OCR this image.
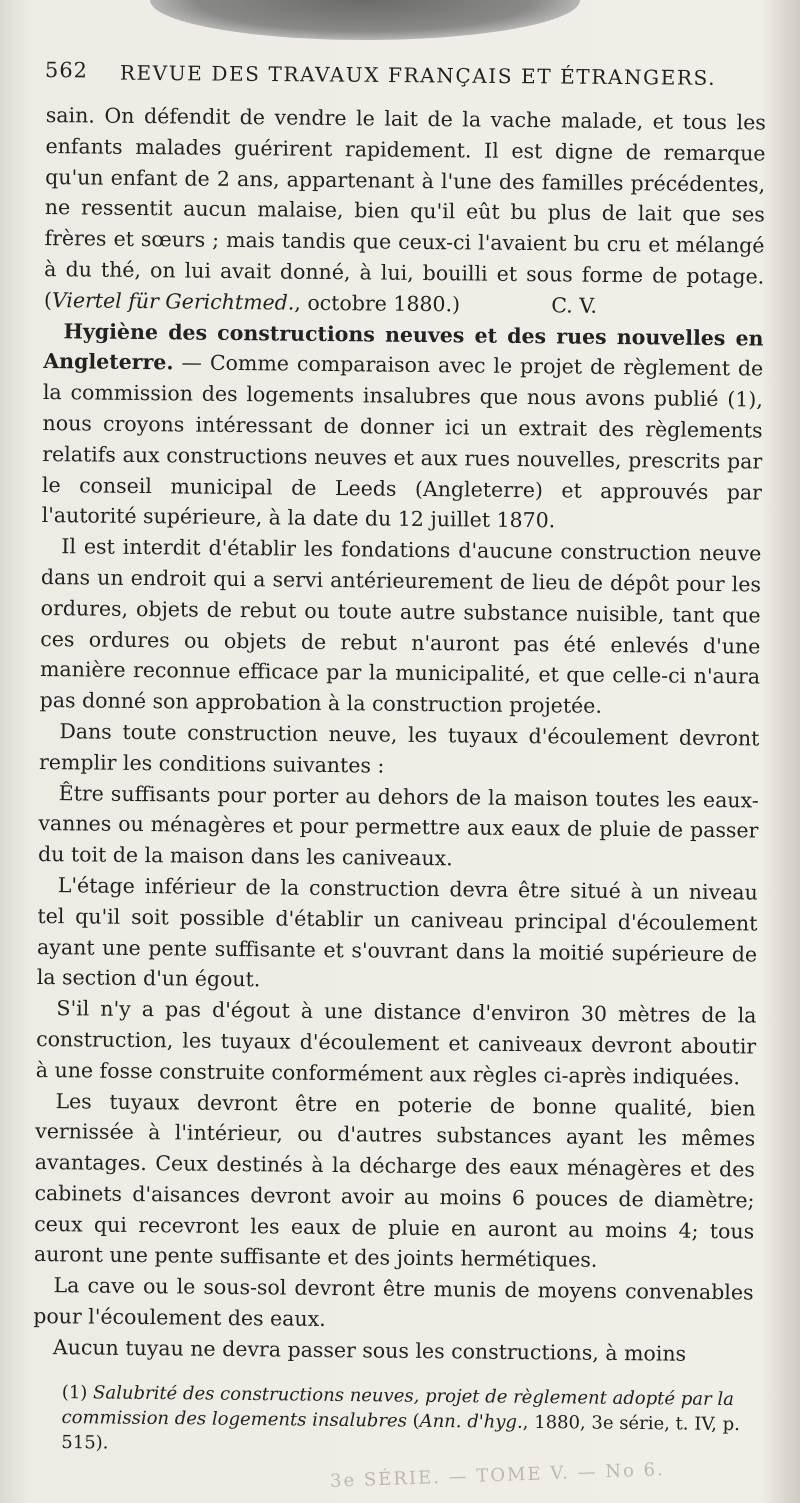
562 REVUE DES TRAVAUX FRANÇAIS ET ÉTRANGERS.

sain. On défendit de vendre le lait de la vache malade, et tous les enfants malades guérirent rapidement. Il est digne de remarque qu'un enfant de 2 ans, appartenant à l'une des familles précédentes, ne ressentit aucun malaise, bien qu'il eût bu plus de lait que ses frères et sœurs ; mais tandis que ceux-ci l'avaient bu cru et mélangé à du thé, on lui avait donné, à lui, bouilli et sous forme de potage. (Viertel für Gerichtmed., octobre 1880.)	C. V.

Hygiène des constructions neuves et des rues nouvelles en Angleterre. — Comme comparaison avec le projet de règlement de la commission des logements insalubres que nous avons publié (1), nous croyons intéressant de donner ici un extrait des règlements relatifs aux constructions neuves et aux rues nouvelles, prescrits par le conseil municipal de Leeds (Angleterre) et approuvés par l'autorité supérieure, à la date du 12 juillet 1870.

Il est interdit d'établir les fondations d'aucune construction neuve dans un endroit qui a servi antérieurement de lieu de dépôt pour les ordures, objets de rebut ou toute autre substance nuisible, tant que ces ordures ou objets de rebut n'auront pas été enlevés d'une manière reconnue efficace par la municipalité, et que celle-ci n'aura pas donné son approbation à la construction projetée.

Dans toute construction neuve, les tuyaux d'écoulement devront remplir les conditions suivantes :

Être suffisants pour porter au dehors de la maison toutes les eaux-vannes ou ménagères et pour permettre aux eaux de pluie de passer du toit de la maison dans les caniveaux.

L'étage inférieur de la construction devra être situé à un niveau tel qu'il soit possible d'établir un caniveau principal d'écoulement ayant une pente suffisante et s'ouvrant dans la moitié supérieure de la section d'un égout.

S'il n'y a pas d'égout à une distance d'environ 30 mètres de la construction, les tuyaux d'écoulement et caniveaux devront aboutir à une fosse construite conformément aux règles ci-après indiquées.

Les tuyaux devront être en poterie de bonne qualité, bien vernissée à l'intérieur, ou d'autres substances ayant les mêmes avantages. Ceux destinés à la décharge des eaux ménagères et des cabinets d'aisances devront avoir au moins 6 pouces de diamètre; ceux qui recevront les eaux de pluie en auront au moins 4; tous auront une pente suffisante et des joints hermétiques.

La cave ou le sous-sol devront être munis de moyens convenables pour l'écoulement des eaux.

Aucun tuyau ne devra passer sous les constructions, à moins

(1) Salubrité des constructions neuves, projet de règlement adopté par la commission des logements insalubres (Ann. d'hyg., 1880, 3e série, t. IV, p. 515).

3e SÉRIE. — TOME V. — No 6.
